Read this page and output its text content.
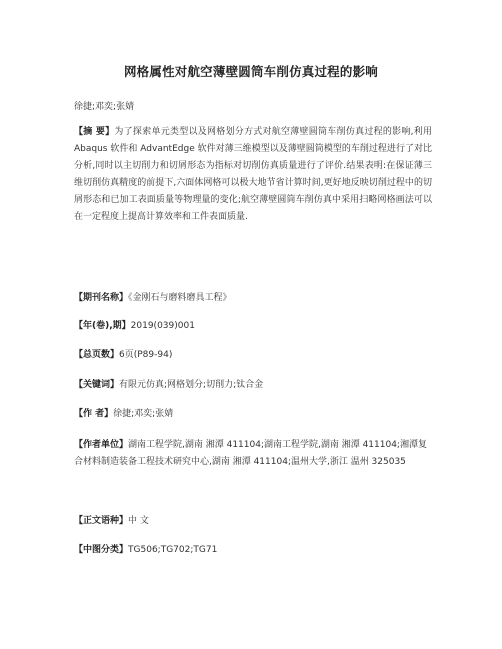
网格属性对航空薄壁圆筒车削仿真过程的影响
徐捷;邓奕;张婧
【摘 要】为了探索单元类型以及网格划分方式对航空薄壁圆筒车削仿真过程的影响,利用 Abaqus 软件和 AdvantEdge 软件对薄三维模型以及薄壁圆筒模型的车削过程进行了对比分析,同时以主切削力和切屑形态为指标对切削仿真质量进行了评价.结果表明:在保证薄三维切削仿真精度的前提下,六面体网格可以极大地节省计算时间,更好地反映切削过程中的切屑形态和已加工表面质量等物理量的变化;航空薄壁圆筒车削仿真中采用扫略网格画法可以在一定程度上提高计算效率和工件表面质量.
【期刊名称】《金刚石与磨料磨具工程》
【年(卷),期】2019(039)001
【总页数】6页(P89-94)
【关键词】有限元仿真;网格划分;切削力;钛合金
【作 者】徐捷;邓奕;张婧
【作者单位】湖南工程学院,湖南 湘潭 411104;湖南工程学院,湖南 湘潭 411104;湘潭复合材料制造装备工程技术研究中心,湖南 湘潭 411104;温州大学,浙江 温州 325035
【正文语种】中 文
【中图分类】TG506;TG702;TG71
